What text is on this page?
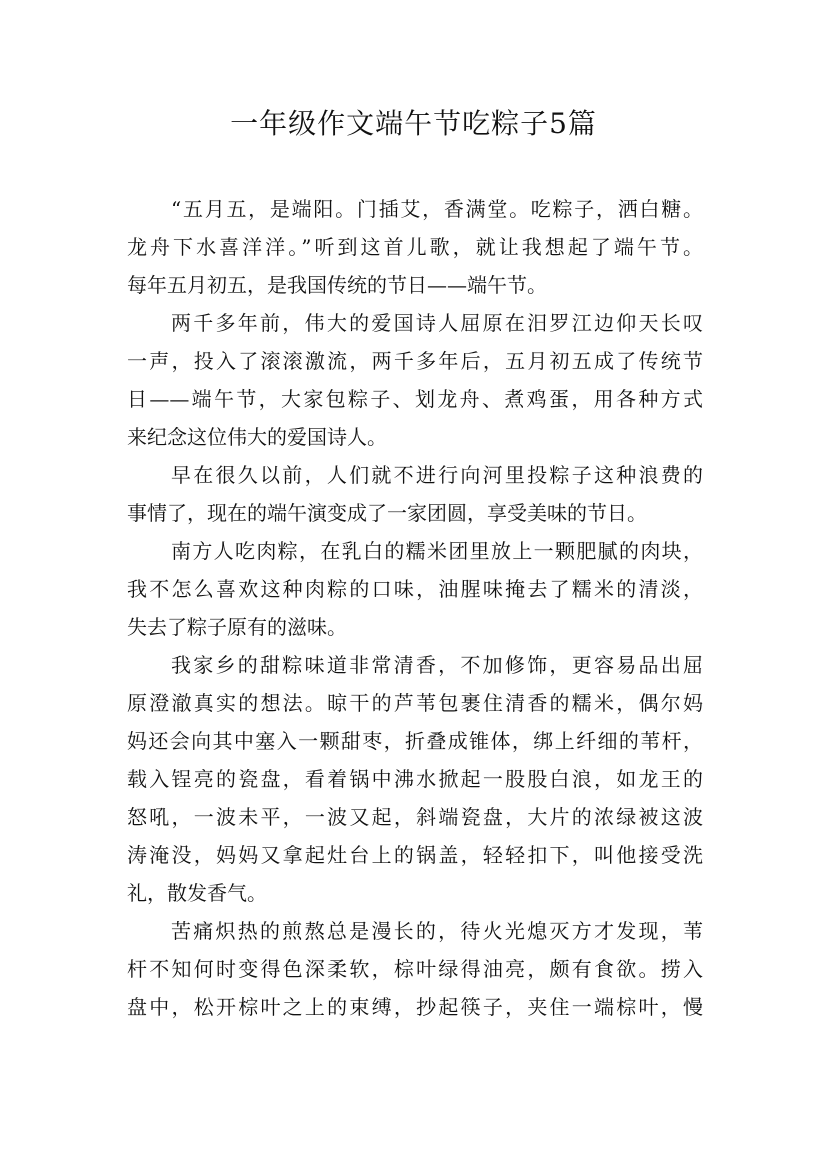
一年级作文端午节吃粽子5篇

“五月五，是端阳。门插艾，香满堂。吃粽子，洒白糖。

龙舟下水喜洋洋。”听到这首儿歌，就让我想起了端午节。

每年五月初五，是我国传统的节日——端午节。

两千多年前，伟大的爱国诗人屈原在汨罗江边仰天长叹

一声，投入了滚滚激流，两千多年后，五月初五成了传统节

日——端午节，大家包粽子、划龙舟、煮鸡蛋，用各种方式

来纪念这位伟大的爱国诗人。

早在很久以前，人们就不进行向河里投粽子这种浪费的

事情了，现在的端午演变成了一家团圆，享受美味的节日。

南方人吃肉粽，在乳白的糯米团里放上一颗肥腻的肉块，

我不怎么喜欢这种肉粽的口味，油腥味掩去了糯米的清淡，

失去了粽子原有的滋味。

我家乡的甜粽味道非常清香，不加修饰，更容易品出屈

原澄澈真实的想法。晾干的芦苇包裹住清香的糯米，偶尔妈

妈还会向其中塞入一颗甜枣，折叠成锥体，绑上纤细的苇杆，

载入锃亮的瓷盘，看着锅中沸水掀起一股股白浪，如龙王的

怒吼，一波未平，一波又起，斜端瓷盘，大片的浓绿被这波

涛淹没，妈妈又拿起灶台上的锅盖，轻轻扣下，叫他接受洗

礼，散发香气。

苦痛炽热的煎熬总是漫长的，待火光熄灭方才发现，苇

杆不知何时变得色深柔软，棕叶绿得油亮，颇有食欲。捞入

盘中，松开棕叶之上的束缚，抄起筷子，夹住一端棕叶，慢
